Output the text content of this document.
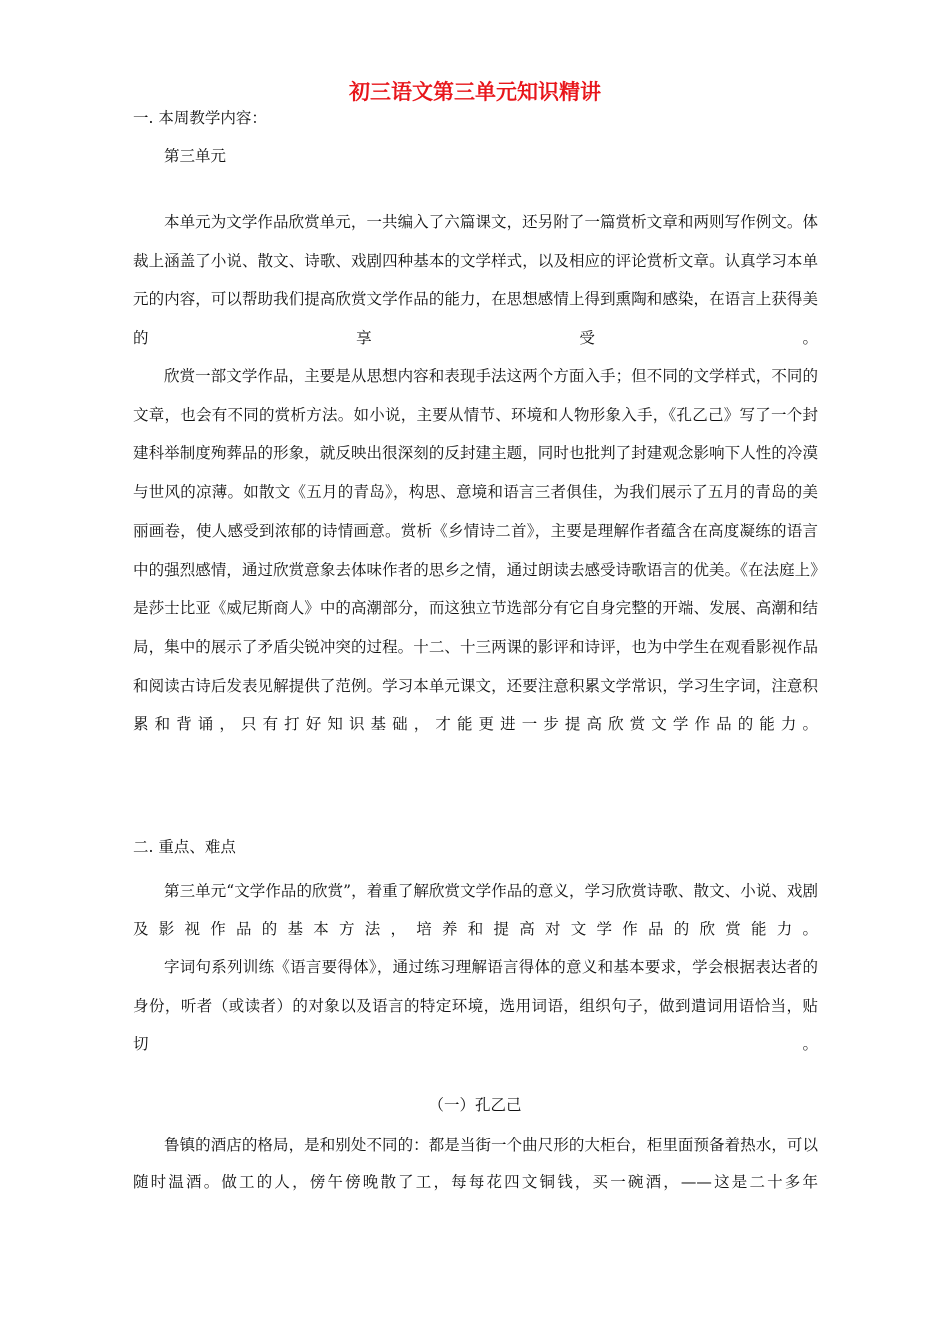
初三语文第三单元知识精讲
一. 本周教学内容：
第三单元

本单元为文学作品欣赏单元，一共编入了六篇课文，还另附了一篇赏析文章和两则写作例文。体裁上涵盖了小说、散文、诗歌、戏剧四种基本的文学样式，以及相应的评论赏析文章。认真学习本单元的内容，可以帮助我们提高欣赏文学作品的能力，在思想感情上得到熏陶和感染，在语言上获得美的享受。

欣赏一部文学作品，主要是从思想内容和表现手法这两个方面入手；但不同的文学样式，不同的文章，也会有不同的赏析方法。如小说，主要从情节、环境和人物形象入手，《孔乙己》写了一个封建科举制度殉葬品的形象，就反映出很深刻的反封建主题，同时也批判了封建观念影响下人性的冷漠与世风的凉薄。如散文《五月的青岛》，构思、意境和语言三者俱佳，为我们展示了五月的青岛的美丽画卷，使人感受到浓郁的诗情画意。赏析《乡情诗二首》，主要是理解作者蕴含在高度凝练的语言中的强烈感情，通过欣赏意象去体味作者的思乡之情，通过朗读去感受诗歌语言的优美。《在法庭上》是莎士比亚《威尼斯商人》中的高潮部分，而这独立节选部分有它自身完整的开端、发展、高潮和结局，集中的展示了矛盾尖锐冲突的过程。十二、十三两课的影评和诗评，也为中学生在观看影视作品和阅读古诗后发表见解提供了范例。学习本单元课文，还要注意积累文学常识，学习生字词，注意积累和背诵，只有打好知识基础，才能更进一步提高欣赏文学作品的能力。

二. 重点、难点

第三单元“文学作品的欣赏”，着重了解欣赏文学作品的意义，学习欣赏诗歌、散文、小说、戏剧及影视作品的基本方法，培养和提高对文学作品的欣赏能力。

字词句系列训练《语言要得体》，通过练习理解语言得体的意义和基本要求，学会根据表达者的身份，听者（或读者）的对象以及语言的特定环境，选用词语，组织句子，做到遣词用语恰当，贴切。

（一）孔乙己

鲁镇的酒店的格局，是和别处不同的：都是当街一个曲尺形的大柜台，柜里面预备着热水，可以随时温酒。做工的人，傍午傍晚散了工，每每花四文铜钱，买一碗酒，——这是二十多年
